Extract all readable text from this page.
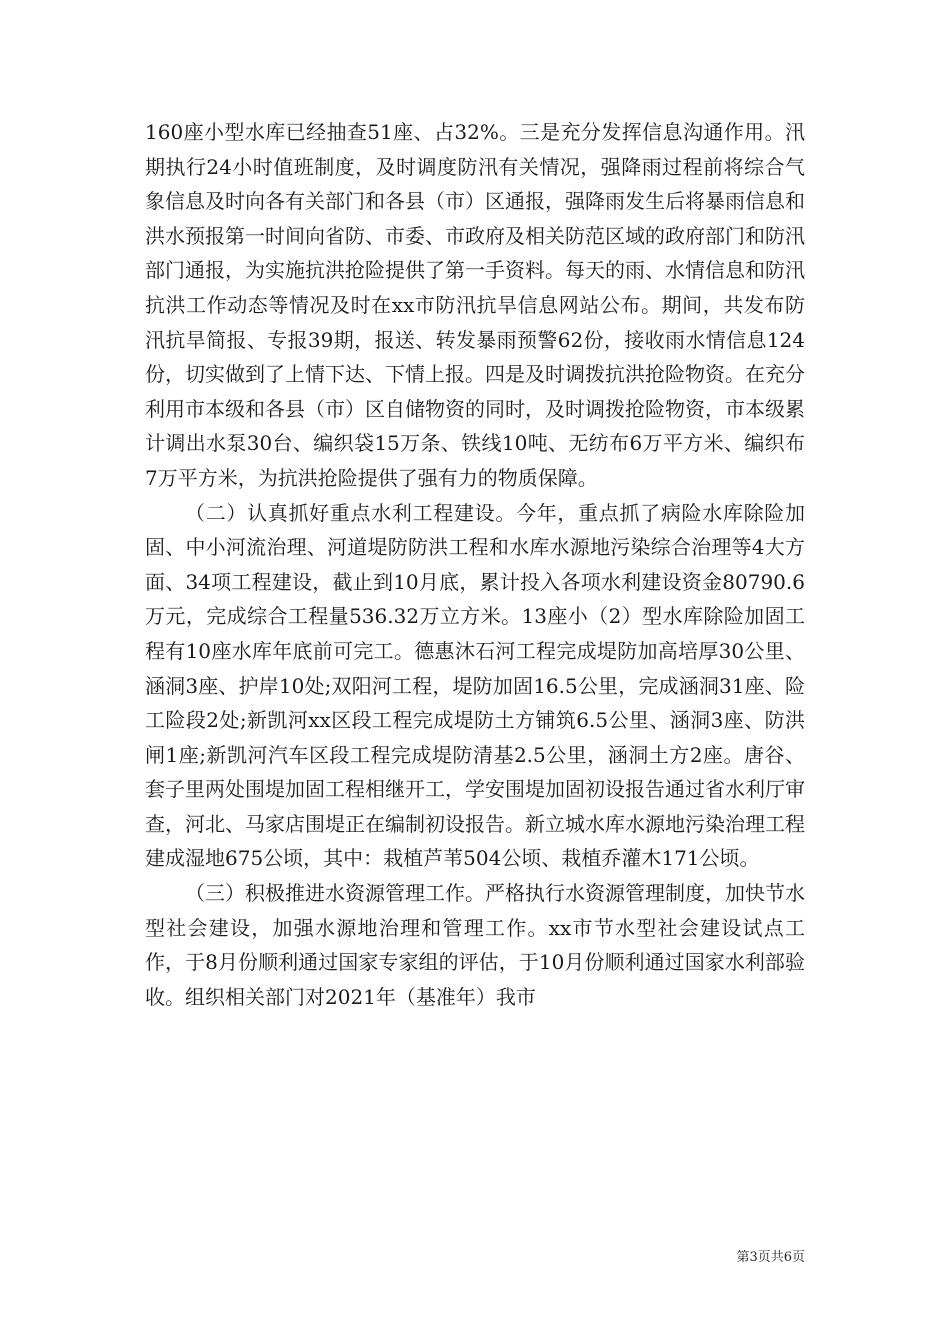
160座小型水库已经抽查51座、占32%。三是充分发挥信息沟通作用。汛期执行24小时值班制度，及时调度防汛有关情况，强降雨过程前将综合气象信息及时向各有关部门和各县（市）区通报，强降雨发生后将暴雨信息和洪水预报第一时间向省防、市委、市政府及相关防范区域的政府部门和防汛部门通报，为实施抗洪抢险提供了第一手资料。每天的雨、水情信息和防汛抗洪工作动态等情况及时在xx市防汛抗旱信息网站公布。期间，共发布防汛抗旱简报、专报39期，报送、转发暴雨预警62份，接收雨水情信息124份，切实做到了上情下达、下情上报。四是及时调拨抗洪抢险物资。在充分利用市本级和各县（市）区自储物资的同时，及时调拨抢险物资，市本级累计调出水泵30台、编织袋15万条、铁线10吨、无纺布6万平方米、编织布7万平方米，为抗洪抢险提供了强有力的物质保障。

（二）认真抓好重点水利工程建设。今年，重点抓了病险水库除险加固、中小河流治理、河道堤防防洪工程和水库水源地污染综合治理等4大方面、34项工程建设，截止到10月底，累计投入各项水利建设资金80790.6万元，完成综合工程量536.32万立方米。13座小（2）型水库除险加固工程有10座水库年底前可完工。德惠沐石河工程完成堤防加高培厚30公里、涵洞3座、护岸10处;双阳河工程，堤防加固16.5公里，完成涵洞31座、险工险段2处;新凯河xx区段工程完成堤防土方铺筑6.5公里、涵洞3座、防洪闸1座;新凯河汽车区段工程完成堤防清基2.5公里，涵洞土方2座。唐谷、套子里两处围堤加固工程相继开工，学安围堤加固初设报告通过省水利厅审查，河北、马家店围堤正在编制初设报告。新立城水库水源地污染治理工程建成湿地675公顷，其中：栽植芦苇504公顷、栽植乔灌木171公顷。

（三）积极推进水资源管理工作。严格执行水资源管理制度，加快节水型社会建设，加强水源地治理和管理工作。xx市节水型社会建设试点工作，于8月份顺利通过国家专家组的评估，于10月份顺利通过国家水利部验收。组织相关部门对2021年（基准年）我市

第3页共6页
